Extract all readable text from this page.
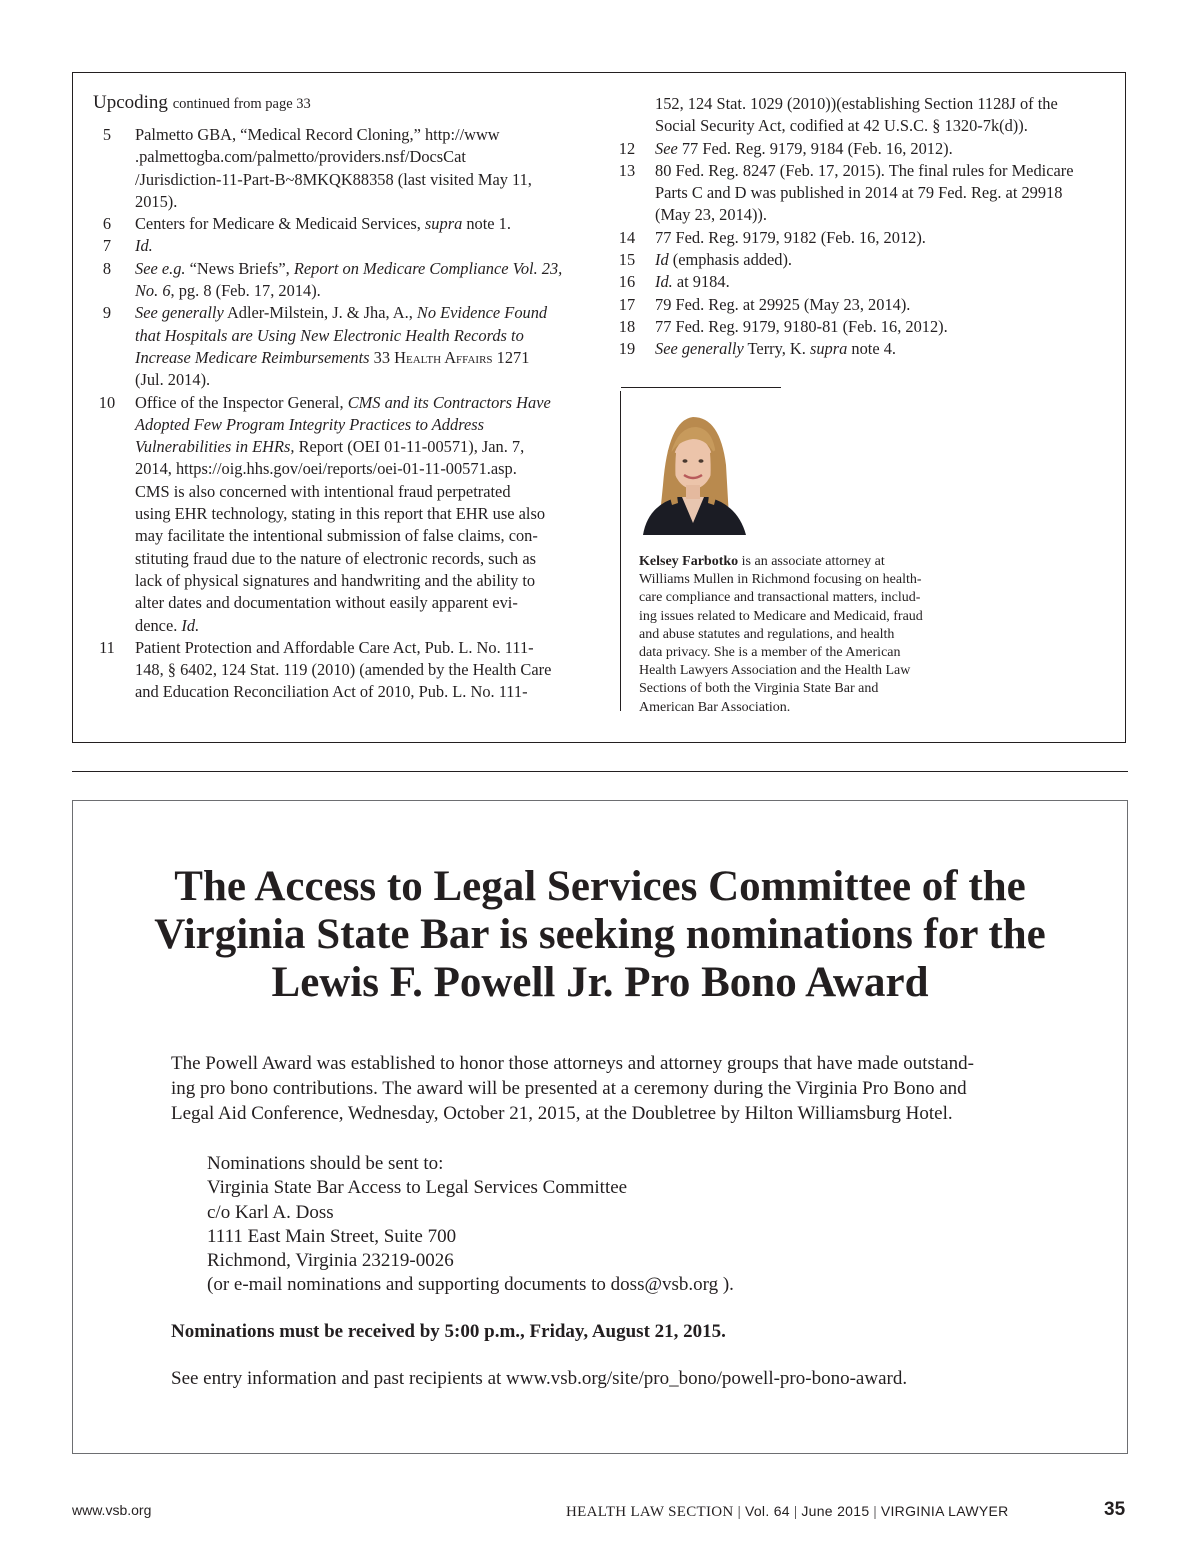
Upcoding continued from page 33
5	Palmetto GBA, “Medical Record Cloning,” http://www
.palmettogba.com/palmetto/providers.nsf/DocsCat
/Jurisdiction-11-Part-B~8MKQK88358 (last visited May 11,
2015).
6	Centers for Medicare & Medicaid Services, supra note 1.
7	Id.
8	See e.g. “News Briefs”, Report on Medicare Compliance Vol. 23,
No. 6, pg. 8 (Feb. 17, 2014).
9	See generally Adler-Milstein, J. & Jha, A., No Evidence Found
that Hospitals are Using New Electronic Health Records to
Increase Medicare Reimbursements 33 Health Affairs 1271
(Jul. 2014).
10	Office of the Inspector General, CMS and its Contractors Have
Adopted Few Program Integrity Practices to Address
Vulnerabilities in EHRs, Report (OEI 01-11-00571), Jan. 7,
2014, https://oig.hhs.gov/oei/reports/oei-01-11-00571.asp.
CMS is also concerned with intentional fraud perpetrated
using EHR technology, stating in this report that EHR use also
may facilitate the intentional submission of false claims, con-
stituting fraud due to the nature of electronic records, such as
lack of physical signatures and handwriting and the ability to
alter dates and documentation without easily apparent evi-
dence. Id.
11	Patient Protection and Affordable Care Act, Pub. L. No. 111-
148, § 6402, 124 Stat. 119 (2010) (amended by the Health Care
and Education Reconciliation Act of 2010, Pub. L. No. 111-
152, 124 Stat. 1029 (2010))(establishing Section 1128J of the
Social Security Act, codified at 42 U.S.C. § 1320-7k(d)).
12	See 77 Fed. Reg. 9179, 9184 (Feb. 16, 2012).
13	80 Fed. Reg. 8247 (Feb. 17, 2015). The final rules for Medicare
Parts C and D was published in 2014 at 79 Fed. Reg. at 29918
(May 23, 2014)).
14	77 Fed. Reg. 9179, 9182 (Feb. 16, 2012).
15	Id (emphasis added).
16	Id. at 9184.
17	79 Fed. Reg. at 29925 (May 23, 2014).
18	77 Fed. Reg. 9179, 9180-81 (Feb. 16, 2012).
19	See generally Terry, K. supra note 4.
Kelsey Farbotko is an associate attorney at
Williams Mullen in Richmond focusing on health-
care compliance and transactional matters, includ-
ing issues related to Medicare and Medicaid, fraud
and abuse statutes and regulations, and health
data privacy. She is a member of the American
Health Lawyers Association and the Health Law
Sections of both the Virginia State Bar and
American Bar Association.
The Access to Legal Services Committee of the
Virginia State Bar is seeking nominations for the
Lewis F. Powell Jr. Pro Bono Award
The Powell Award was established to honor those attorneys and attorney groups that have made outstand-
ing pro bono contributions. The award will be presented at a ceremony during the Virginia Pro Bono and
Legal Aid Conference, Wednesday, October 21, 2015, at the Doubletree by Hilton Williamsburg Hotel.
Nominations should be sent to:
Virginia State Bar Access to Legal Services Committee
c/o Karl A. Doss
1111 East Main Street, Suite 700
Richmond, Virginia 23219-0026
(or e-mail nominations and supporting documents to doss@vsb.org ).
Nominations must be received by 5:00 p.m., Friday, August 21, 2015.
See entry information and past recipients at www.vsb.org/site/pro_bono/powell-pro-bono-award.
www.vsb.org	HEALTH LAW SECTION | Vol. 64 | June 2015 | VIRGINIA LAWYER	35
